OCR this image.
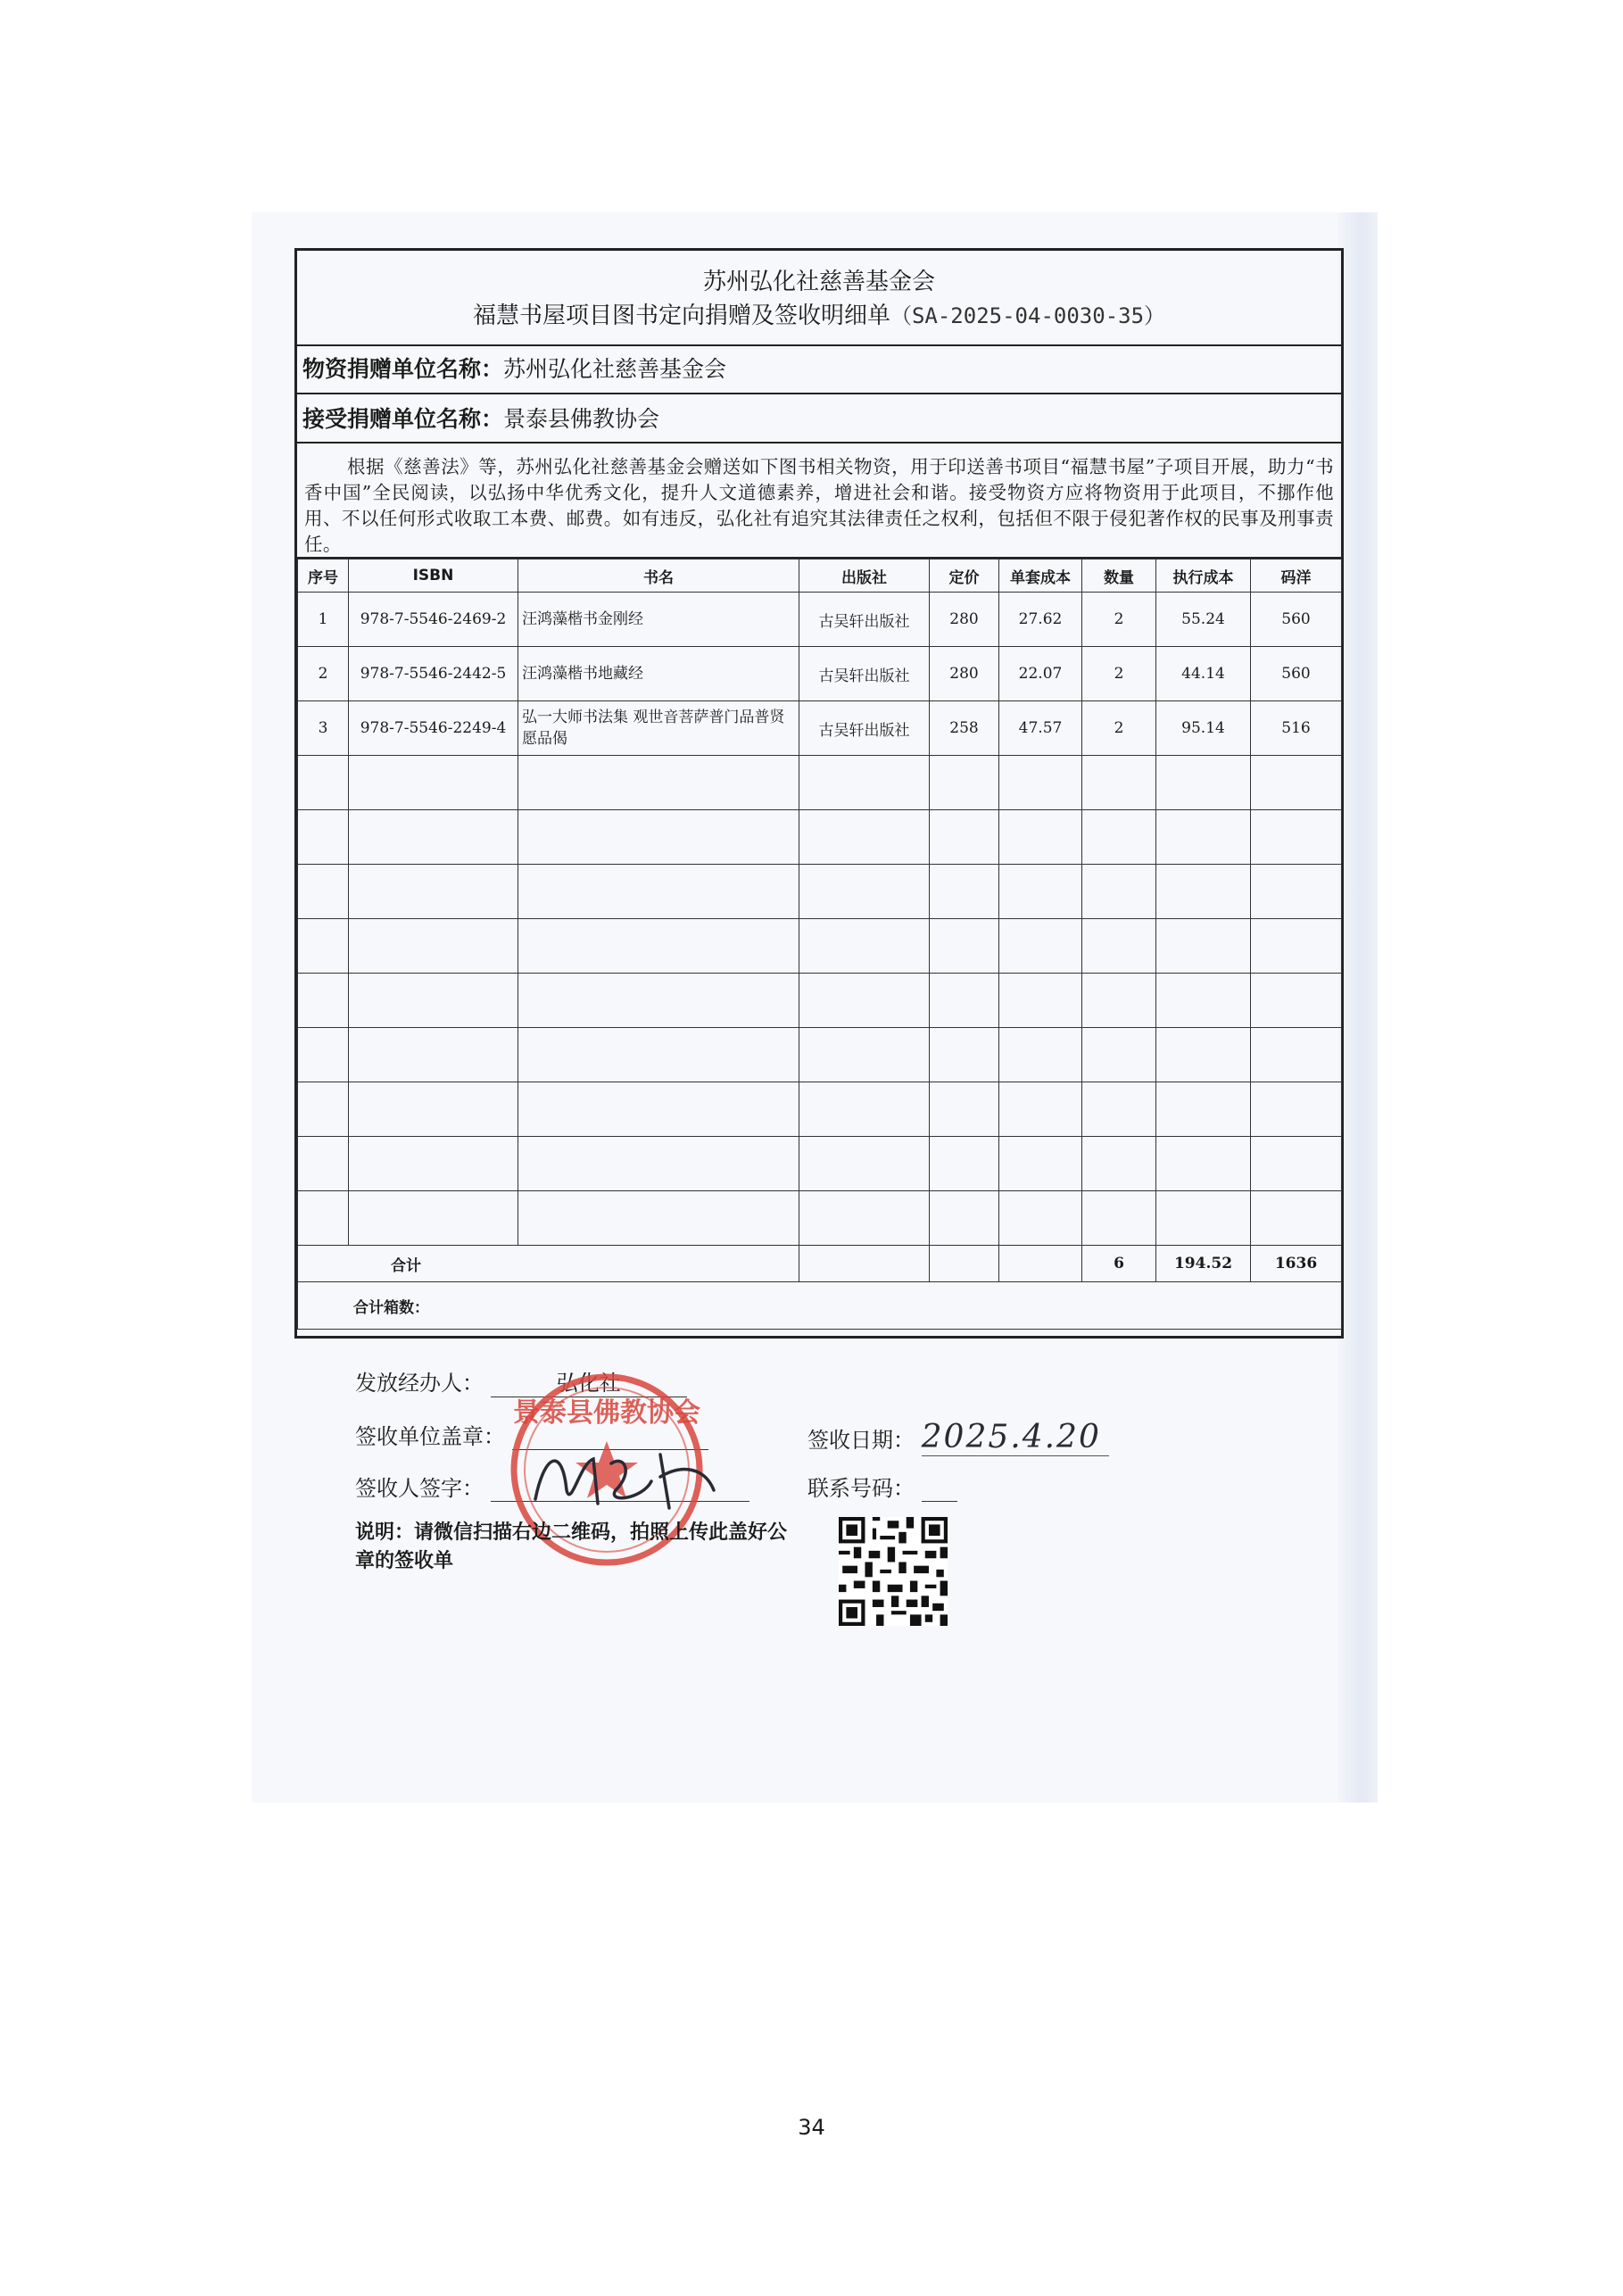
苏州弘化社慈善基金会
福慧书屋项目图书定向捐赠及签收明细单（SA-2025-04-0030-35）
物资捐赠单位名称：苏州弘化社慈善基金会
接受捐赠单位名称：景泰县佛教协会
根据《慈善法》等，苏州弘化社慈善基金会赠送如下图书相关物资，用于印送善书项目“福慧书屋”子项目开展，助力“书香中国”全民阅读，以弘扬中华优秀文化，提升人文道德素养，增进社会和谐。接受物资方应将物资用于此项目，不挪作他用、不以任何形式收取工本费、邮费。如有违反，弘化社有追究其法律责任之权利，包括但不限于侵犯著作权的民事及刑事责任。
序号	ISBN	书名	出版社	定价	单套成本	数量	执行成本	码洋
1	978-7-5546-2469-2	汪鸿藻楷书金刚经	古吴轩出版社	280	27.62	2	55.24	560
2	978-7-5546-2442-5	汪鸿藻楷书地藏经	古吴轩出版社	280	22.07	2	44.14	560
3	978-7-5546-2249-4	弘一大师书法集 观世音菩萨普门品普贤愿品偈	古吴轩出版社	258	47.57	2	95.14	516

合计						6	194.52	1636
合计箱数：								
发放经办人：	弘化社
签收单位盖章：
签收人签字：
景泰县佛教协会
签收日期： 2025.4.20
联系号码：
说明：请微信扫描右边二维码，拍照上传此盖好公章的签收单
34
